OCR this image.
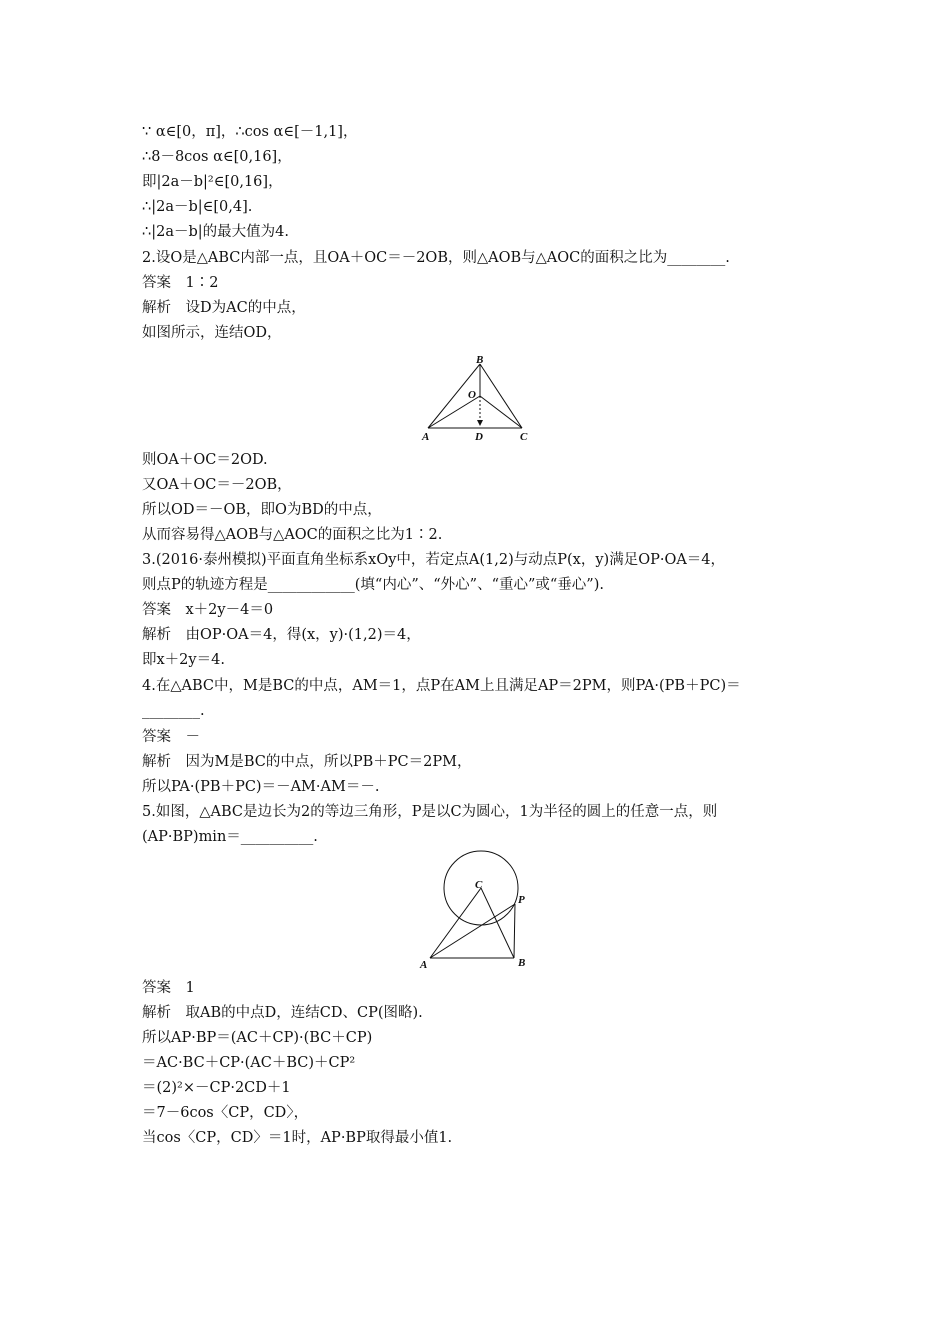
∵ α∈[0，π]，∴cos α∈[－1,1]，
∴8－8cos α∈[0,16]，
即|2a－b|²∈[0,16]，
∴|2a－b|∈[0,4].
∴|2a－b|的最大值为4.
2.设O是△ABC内部一点，且OA＋OC＝－2OB，则△AOB与△AOC的面积之比为________.
答案　1∶2
解析　设D为AC的中点，
如图所示，连结OD，
B
O
A	D	C
则OA＋OC＝2OD.
又OA＋OC＝－2OB，
所以OD＝－OB，即O为BD的中点，
从而容易得△AOB与△AOC的面积之比为1∶2.
3.(2016·泰州模拟)平面直角坐标系xOy中，若定点A(1,2)与动点P(x，y)满足OP·OA＝4，
则点P的轨迹方程是____________(填“内心”、“外心”、“重心”或“垂心”).
答案　x＋2y－4＝0
解析　由OP·OA＝4，得(x，y)·(1,2)＝4，
即x＋2y＝4.
4.在△ABC中，M是BC的中点，AM＝1，点P在AM上且满足AP＝2PM，则PA·(PB＋PC)＝
________.
答案　－
解析　因为M是BC的中点，所以PB＋PC＝2PM，
所以PA·(PB＋PC)＝－AM·AM＝－.
5.如图，△ABC是边长为2的等边三角形，P是以C为圆心，1为半径的圆上的任意一点，则
(AP·BP)min＝__________.
C
P
A	B
答案　1
解析　取AB的中点D，连结CD、CP(图略).
所以AP·BP＝(AC＋CP)·(BC＋CP)
＝AC·BC＋CP·(AC＋BC)＋CP²
＝(2)²×－CP·2CD＋1
＝7－6cos〈CP，CD〉，
当cos〈CP，CD〉＝1时，AP·BP取得最小值1.
